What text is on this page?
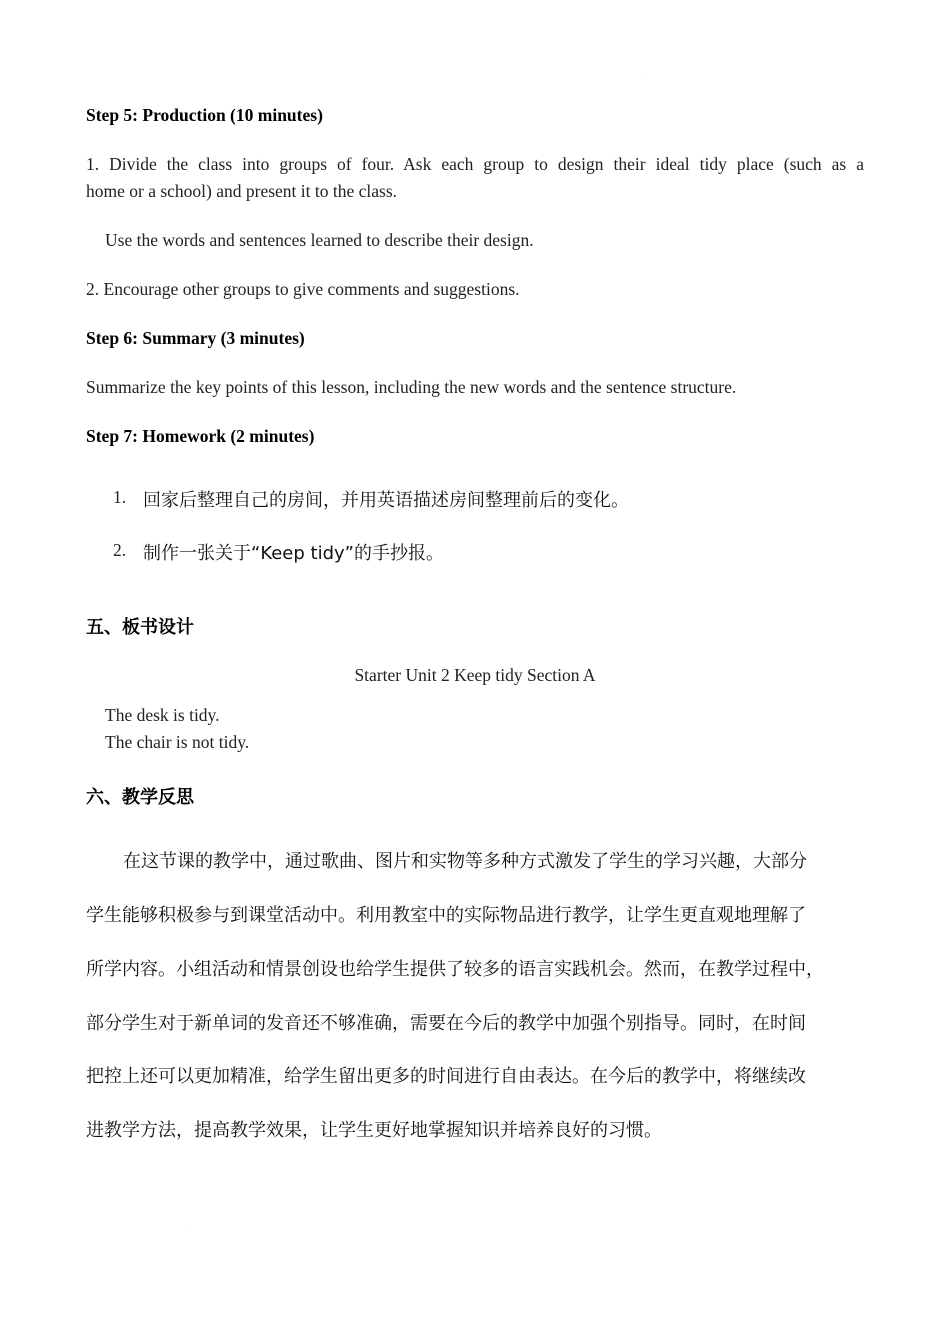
·
Step 5: Production (10 minutes)
1. Divide the class into groups of four. Ask each group to design their ideal tidy place (such as a
home or a school) and present it to the class.
Use the words and sentences learned to describe their design.
2. Encourage other groups to give comments and suggestions.
Step 6: Summary (3 minutes)
Summarize the key points of this lesson, including the new words and the sentence structure.
Step 7: Homework (2 minutes)
1. 回家后整理自己的房间，并用英语描述房间整理前后的变化。
2. 制作一张关于“Keep tidy”的手抄报。
五、板书设计
Starter Unit 2 Keep tidy Section A
The desk is tidy.
The chair is not tidy.
六、教学反思
在这节课的教学中，通过歌曲、图片和实物等多种方式激发了学生的学习兴趣，大部分
学生能够积极参与到课堂活动中。利用教室中的实际物品进行教学，让学生更直观地理解了
所学内容。小组活动和情景创设也给学生提供了较多的语言实践机会。然而，在教学过程中，
部分学生对于新单词的发音还不够准确，需要在今后的教学中加强个别指导。同时，在时间
把控上还可以更加精准，给学生留出更多的时间进行自由表达。在今后的教学中，将继续改
进教学方法，提高教学效果，让学生更好地掌握知识并培养良好的习惯。
·
